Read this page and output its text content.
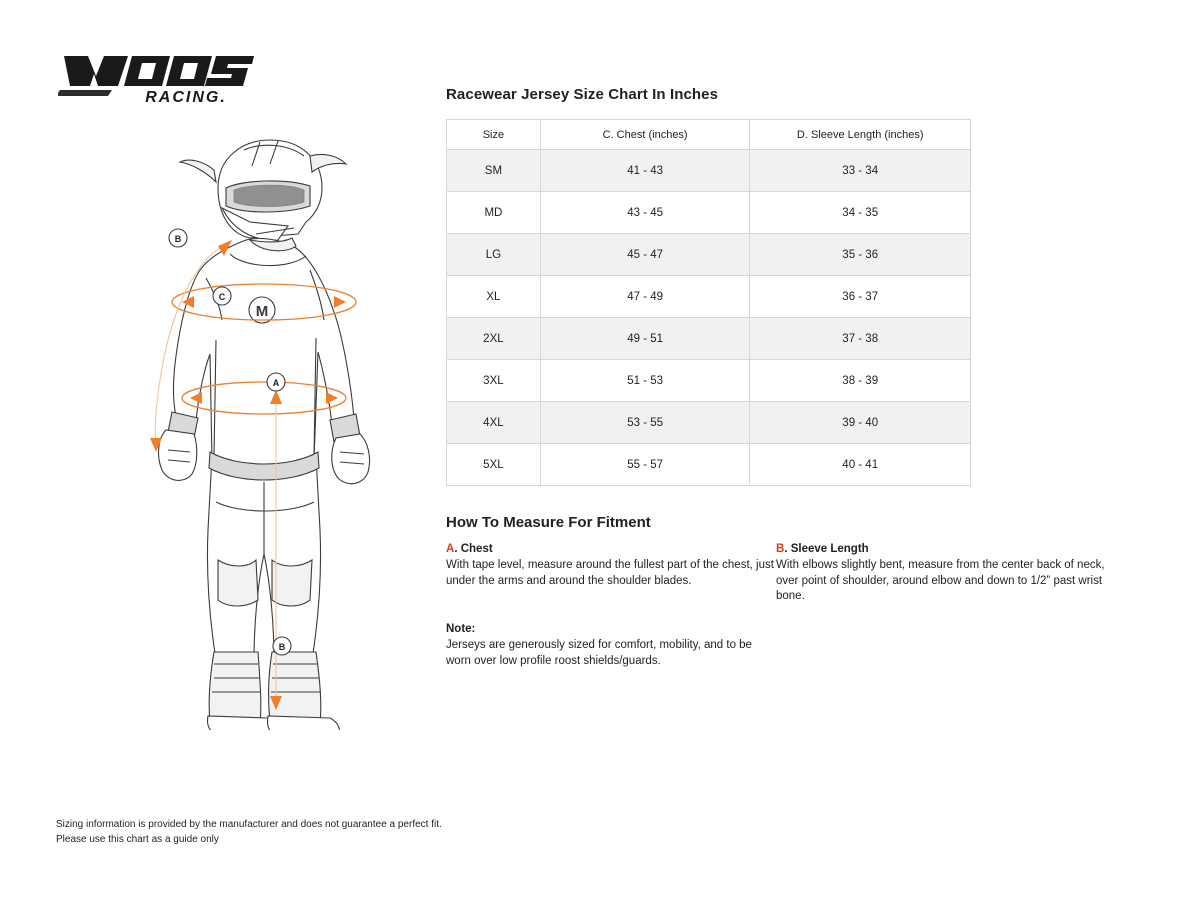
RACING.
M
B
C
A
B
Racewear Jersey Size Chart In Inches
Size	C. Chest (inches)	D. Sleeve Length (inches)
SM	41 - 43	33 - 34
MD	43 - 45	34 - 35
LG	45 - 47	35 - 36
XL	47 - 49	36 - 37
2XL	49 - 51	37 - 38
3XL	51 - 53	38 - 39
4XL	53 - 55	39 - 40
5XL	55 - 57	40 - 41
How To Measure For Fitment
A. Chest

With tape level, measure around the fullest part of the chest, just under the arms and around the shoulder blades.

Note:

Jerseys are generously sized for comfort, mobility, and to be worn over low profile roost shields/guards.

B. Sleeve Length

With elbows slightly bent, measure from the center back of neck, over point of shoulder, around elbow and down to 1/2” past wrist bone.

Sizing information is provided by the manufacturer and does not guarantee a perfect fit.
Please use this chart as a guide only
